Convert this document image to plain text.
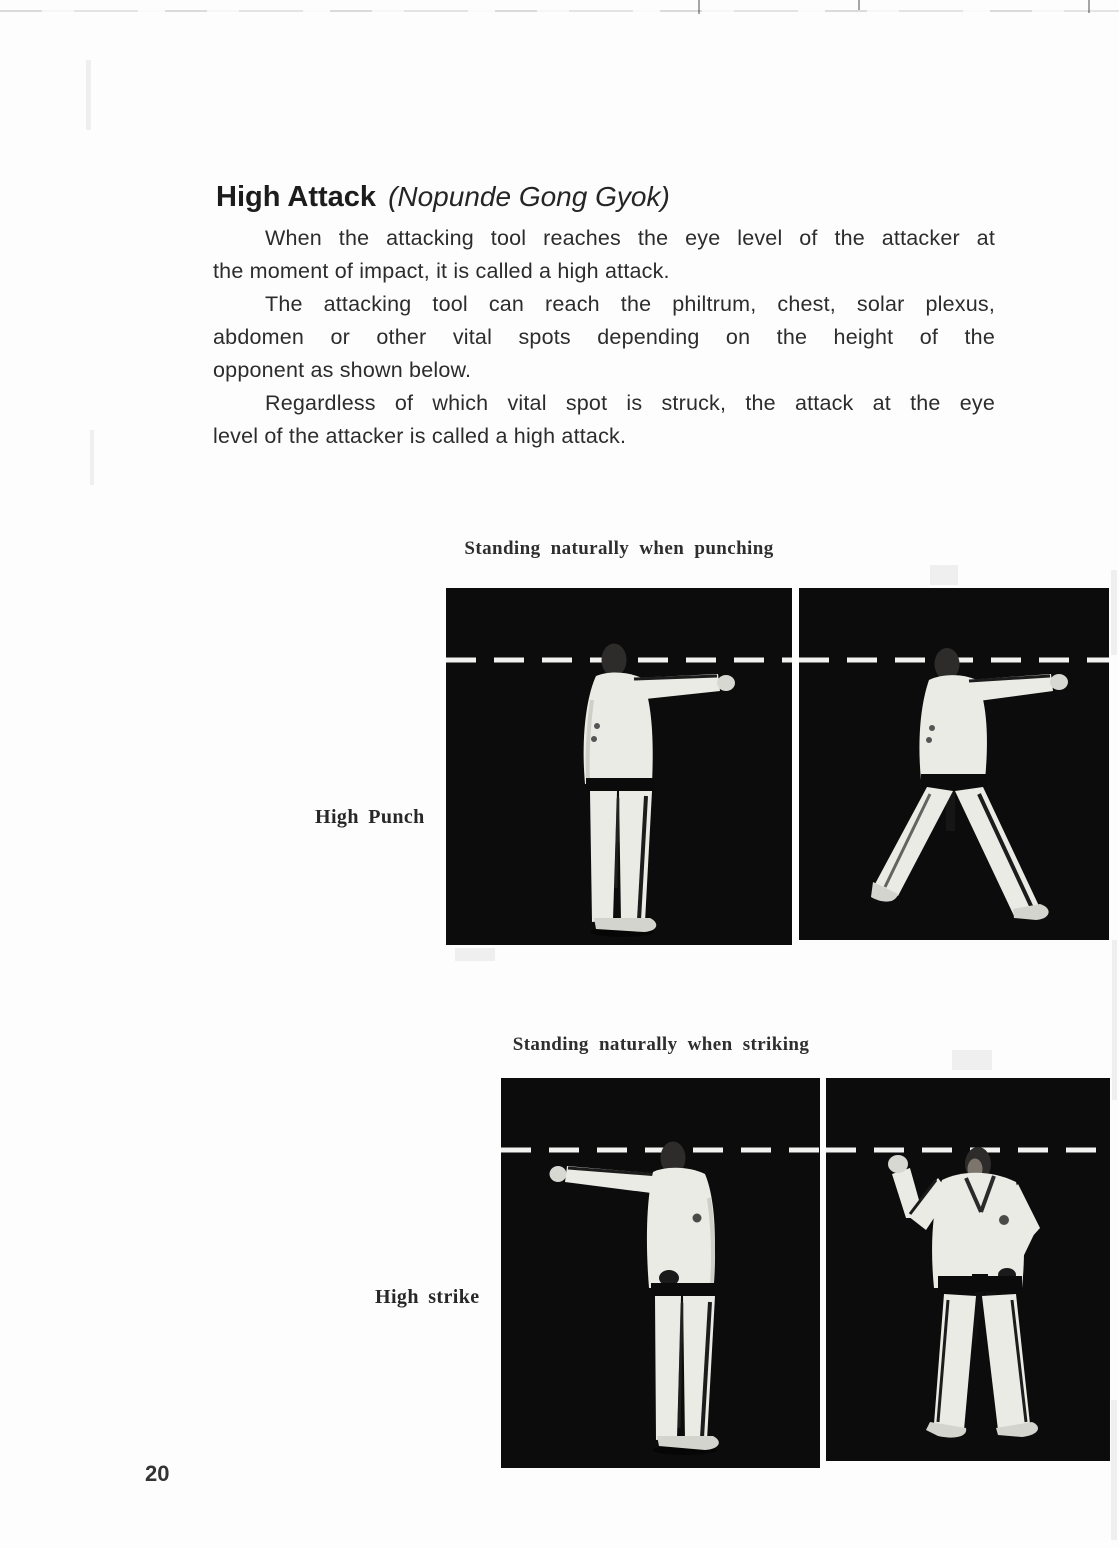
High Attack (Nopunde Gong Gyok)
When the attacking tool reaches the eye level of the attacker at
the moment of impact, it is called a high attack.
The attacking tool can reach the philtrum, chest, solar plexus,
abdomen or other vital spots depending on the height of the
opponent as shown below.
Regardless of which vital spot is struck, the attack at the eye
level of the attacker is called a high attack.
Standing naturally when punching
High Punch
Standing naturally when striking
High strike
20
